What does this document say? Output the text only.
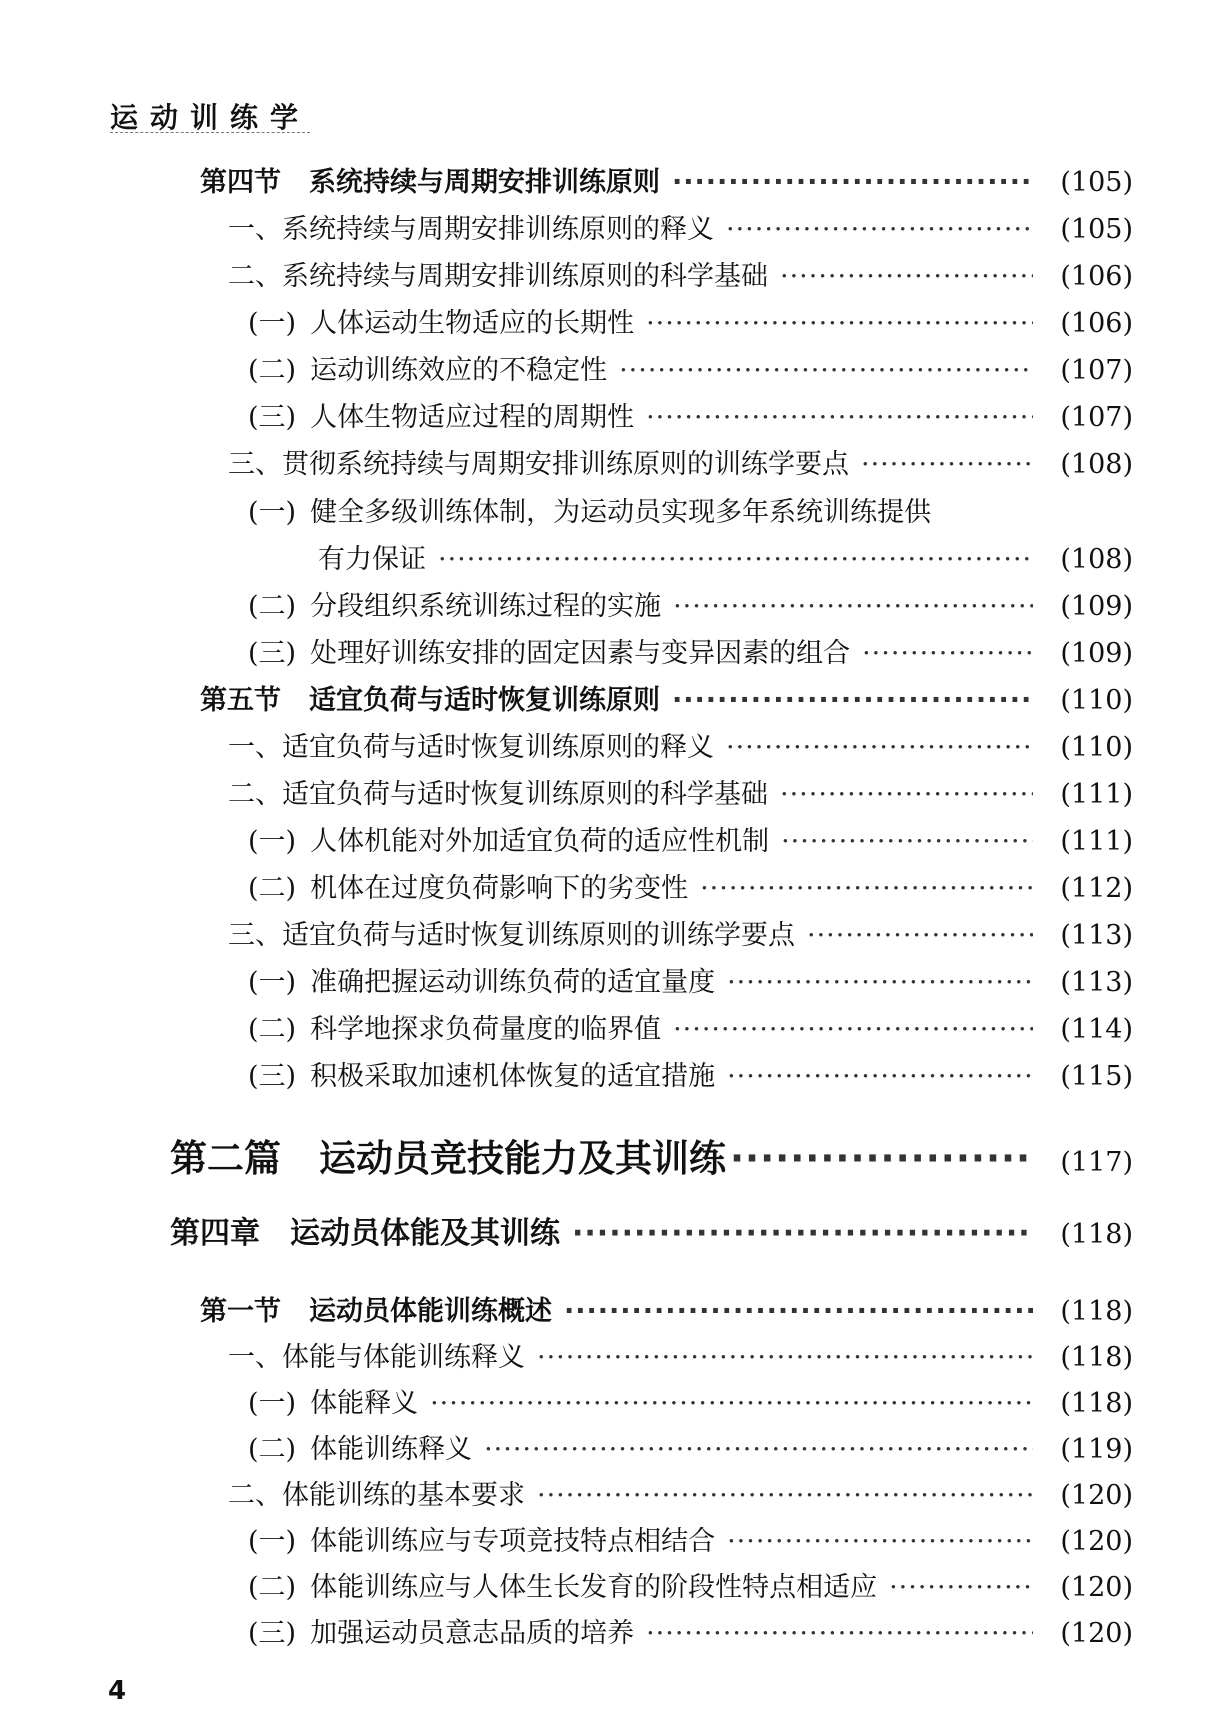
运动训练学
第四节 系统持续与周期安排训练原则 ·····	(105)
一、系统持续与周期安排训练原则的释义 ·····	(105)
二、系统持续与周期安排训练原则的科学基础 ·····	(106)
(一) 人体运动生物适应的长期性 ·····	(106)
(二) 运动训练效应的不稳定性 ·····	(107)
(三) 人体生物适应过程的周期性 ·····	(107)
三、贯彻系统持续与周期安排训练原则的训练学要点 ·····	(108)
(一) 健全多级训练体制，为运动员实现多年系统训练提供
有力保证 ·····	(108)
(二) 分段组织系统训练过程的实施 ·····	(109)
(三) 处理好训练安排的固定因素与变异因素的组合 ·····	(109)
第五节 适宜负荷与适时恢复训练原则 ·····	(110)
一、适宜负荷与适时恢复训练原则的释义 ·····	(110)
二、适宜负荷与适时恢复训练原则的科学基础 ·····	(111)
(一) 人体机能对外加适宜负荷的适应性机制 ·····	(111)
(二) 机体在过度负荷影响下的劣变性 ·····	(112)
三、适宜负荷与适时恢复训练原则的训练学要点 ·····	(113)
(一) 准确把握运动训练负荷的适宜量度 ·····	(113)
(二) 科学地探求负荷量度的临界值 ·····	(114)
(三) 积极采取加速机体恢复的适宜措施 ·····	(115)
第二篇 运动员竞技能力及其训练 ·····	(117)
第四章 运动员体能及其训练 ·····	(118)
第一节 运动员体能训练概述 ·····	(118)
一、体能与体能训练释义 ·····	(118)
(一) 体能释义 ·····	(118)
(二) 体能训练释义 ·····	(119)
二、体能训练的基本要求 ·····	(120)
(一) 体能训练应与专项竞技特点相结合 ·····	(120)
(二) 体能训练应与人体生长发育的阶段性特点相适应 ·····	(120)
(三) 加强运动员意志品质的培养 ·····	(120)
4
